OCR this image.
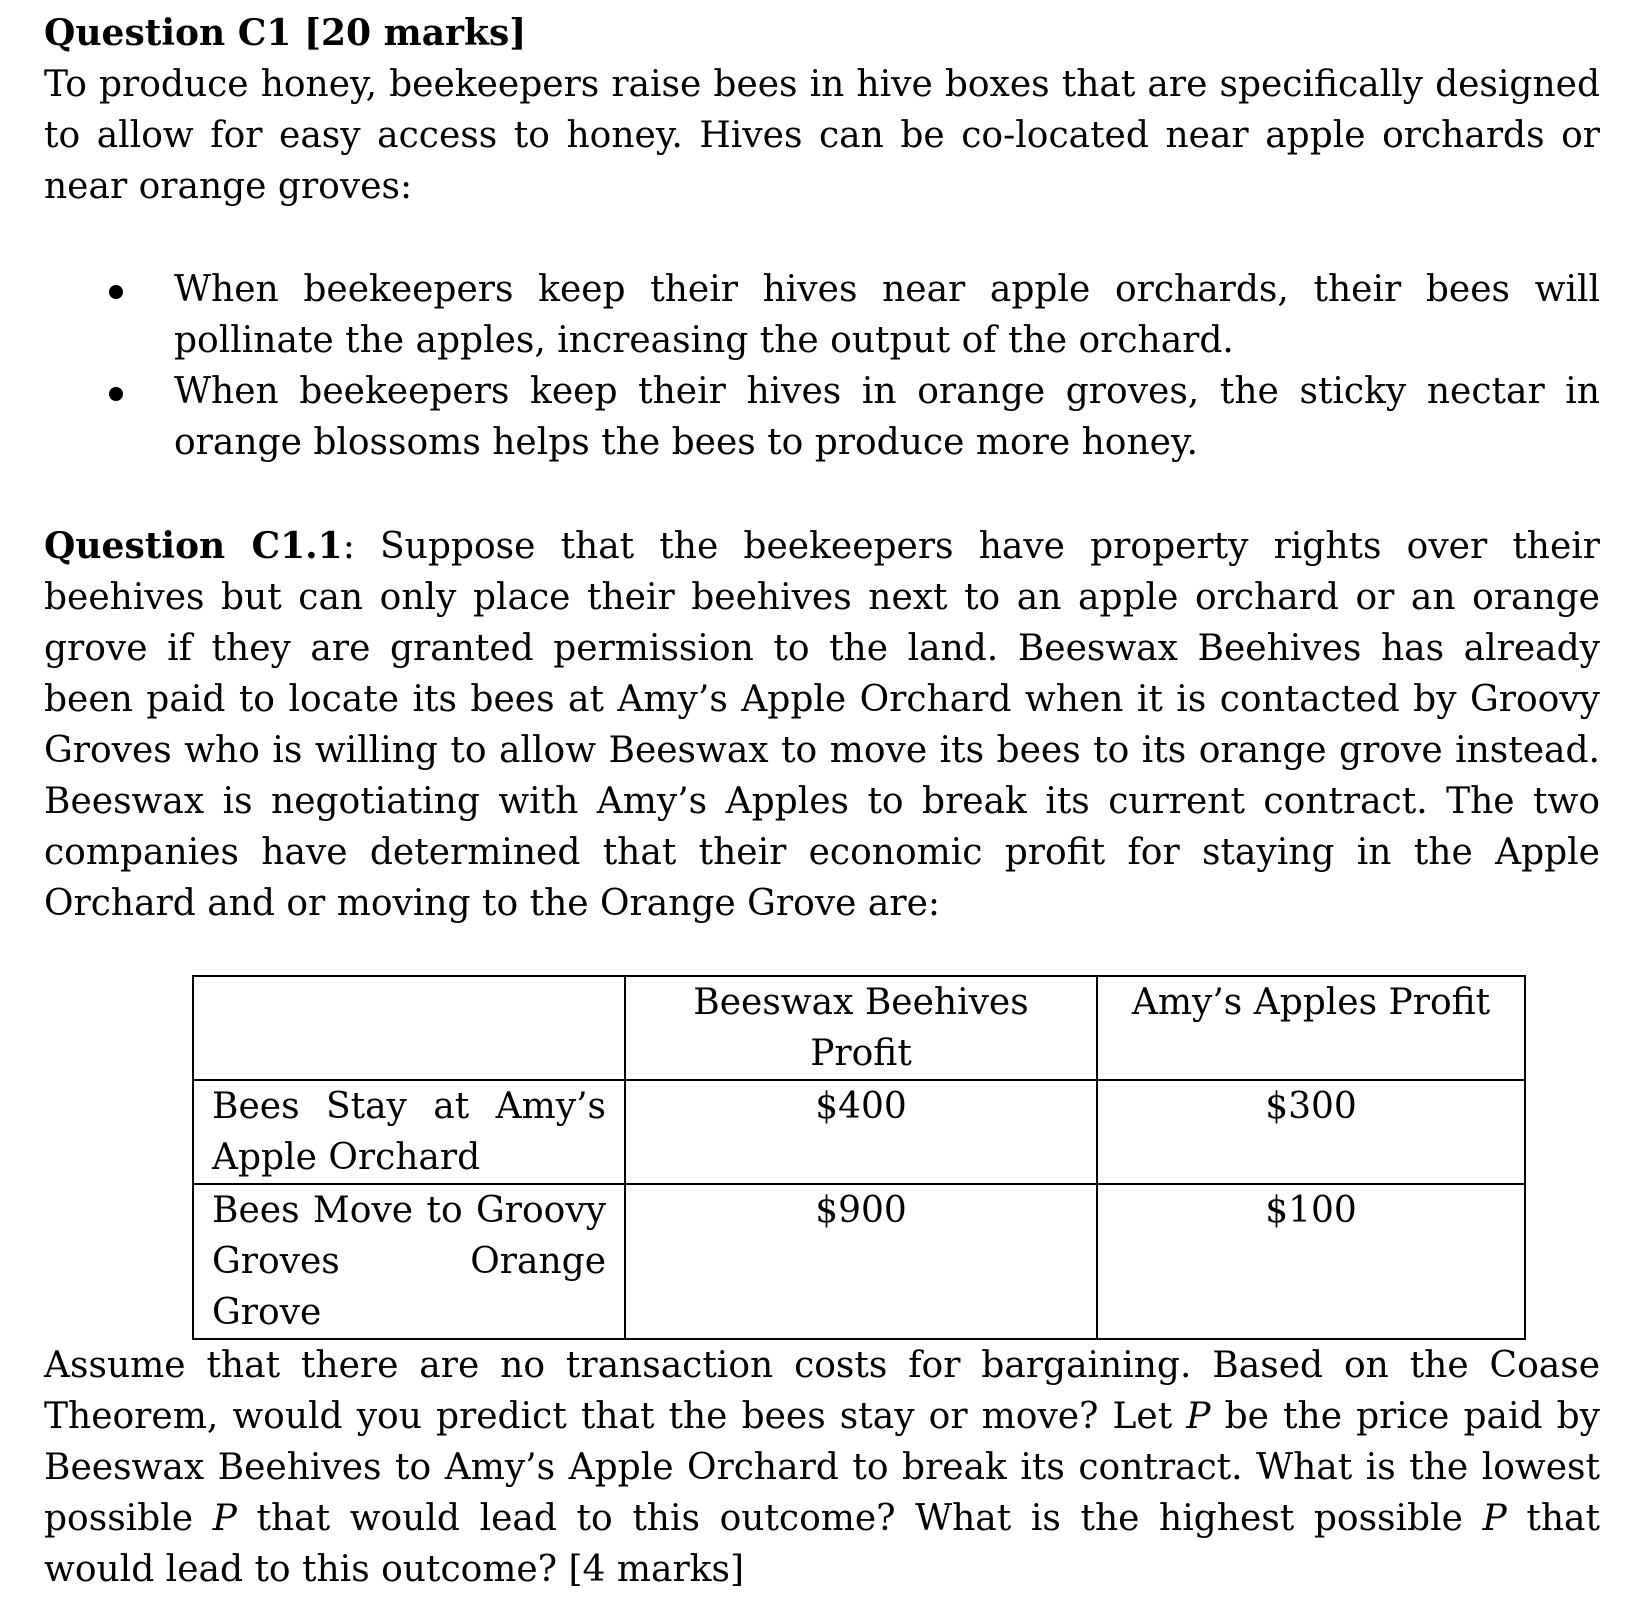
Question C1 [20 marks]

To produce honey, beekeepers raise bees in hive boxes that are specifically designed to allow for easy access to honey. Hives can be co-located near apple orchards or near orange groves:

When beekeepers keep their hives near apple orchards, their bees will pollinate the apples, increasing the output of the orchard.
When beekeepers keep their hives in orange groves, the sticky nectar in orange blossoms helps the bees to produce more honey.

Question C1.1: Suppose that the beekeepers have property rights over their beehives but can only place their beehives next to an apple orchard or an orange grove if they are granted permission to the land. Beeswax Beehives has already been paid to locate its bees at Amy’s Apple Orchard when it is contacted by Groovy Groves who is willing to allow Beeswax to move its bees to its orange grove instead. Beeswax is negotiating with Amy’s Apples to break its current contract. The two companies have determined that their economic profit for staying in the Apple Orchard and or moving to the Orange Grove are:

	Beeswax Beehives Profit	Amy’s Apples Profit
Bees Stay at Amy’s Apple Orchard	$400	$300
Bees Move to Groovy Groves Orange Grove	$900	$100

Assume that there are no transaction costs for bargaining. Based on the Coase Theorem, would you predict that the bees stay or move? Let P be the price paid by Beeswax Beehives to Amy’s Apple Orchard to break its contract. What is the lowest possible P that would lead to this outcome? What is the highest possible P that would lead to this outcome? [4 marks]
